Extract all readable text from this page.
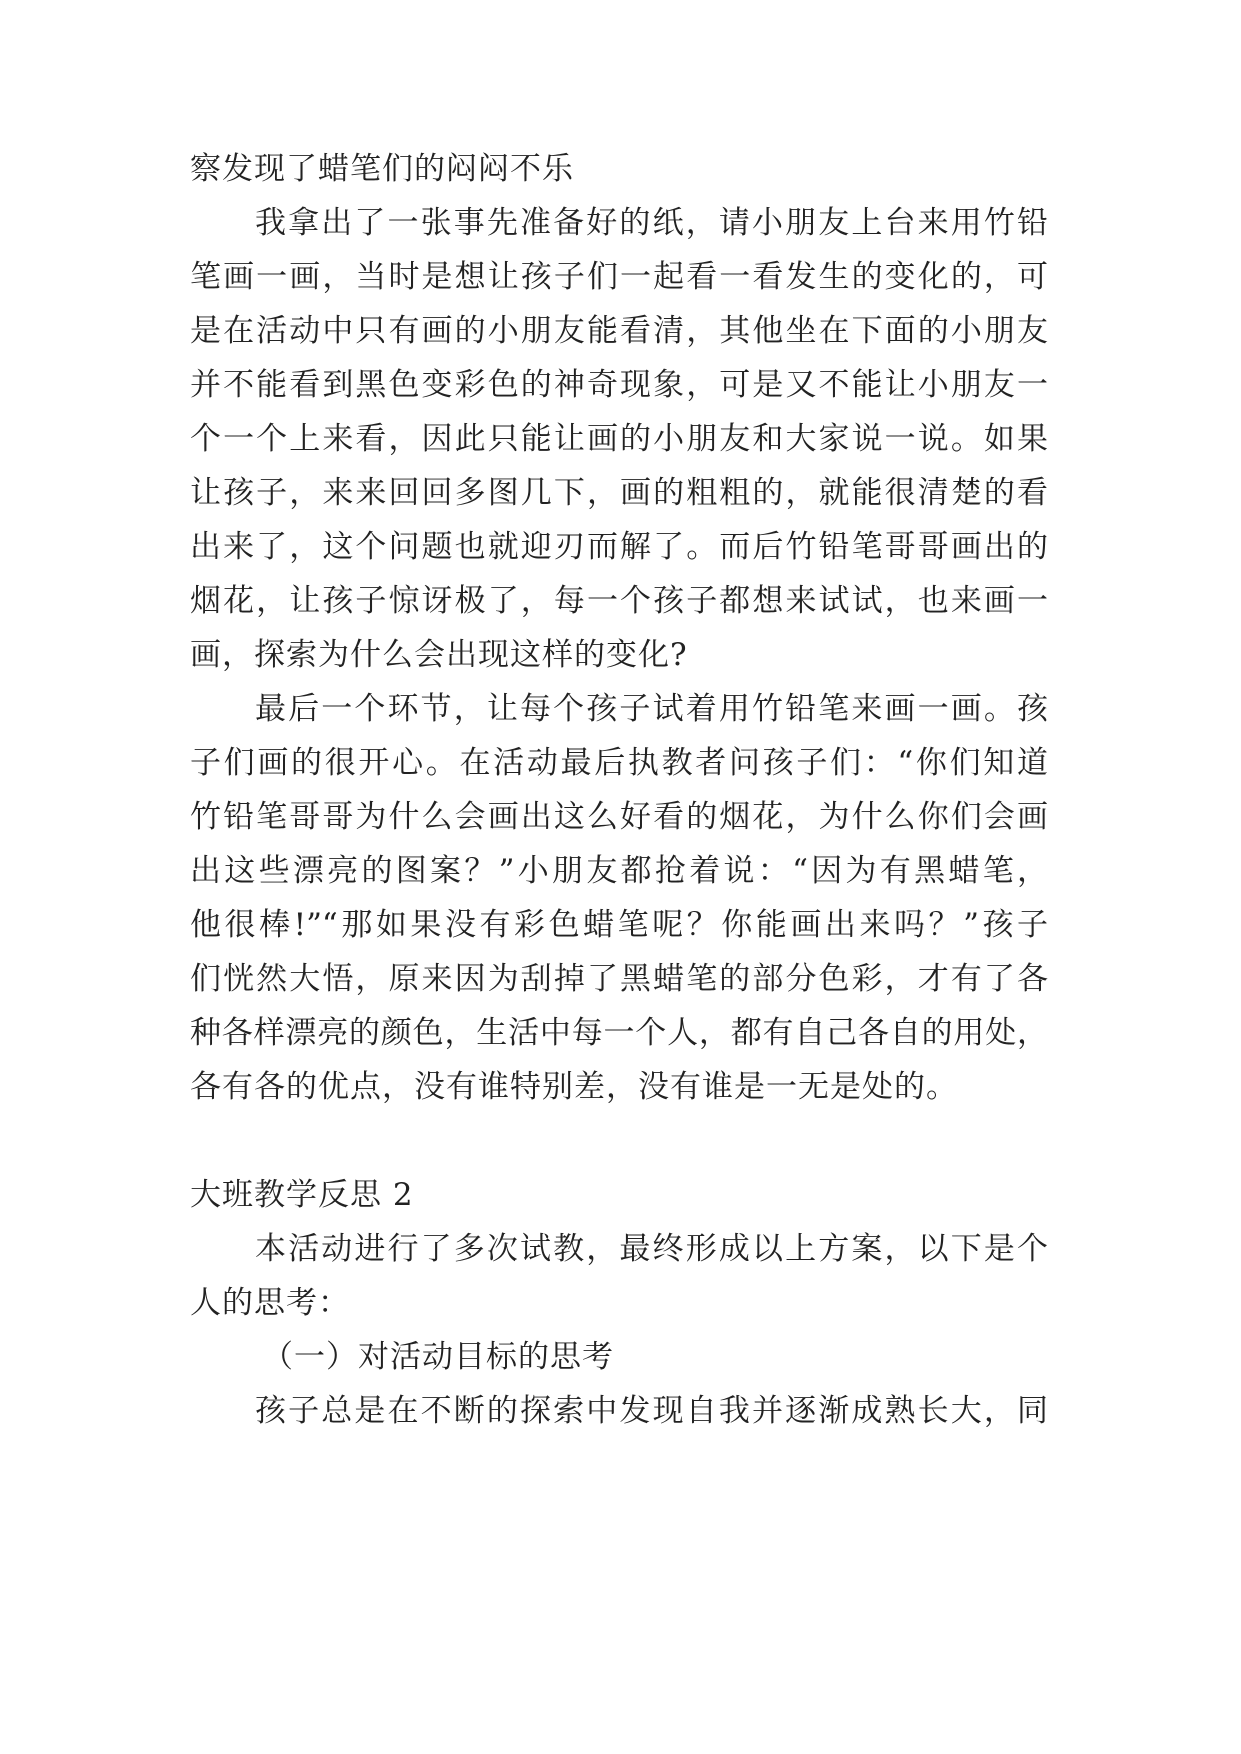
察发现了蜡笔们的闷闷不乐
我拿出了一张事先准备好的纸，请小朋友上台来用竹铅
笔画一画，当时是想让孩子们一起看一看发生的变化的，可
是在活动中只有画的小朋友能看清，其他坐在下面的小朋友
并不能看到黑色变彩色的神奇现象，可是又不能让小朋友一
个一个上来看，因此只能让画的小朋友和大家说一说。如果
让孩子，来来回回多图几下，画的粗粗的，就能很清楚的看
出来了，这个问题也就迎刃而解了。而后竹铅笔哥哥画出的
烟花，让孩子惊讶极了，每一个孩子都想来试试，也来画一
画，探索为什么会出现这样的变化?
最后一个环节，让每个孩子试着用竹铅笔来画一画。孩
子们画的很开心。在活动最后执教者问孩子们：“你们知道
竹铅笔哥哥为什么会画出这么好看的烟花，为什么你们会画
出这些漂亮的图案？”小朋友都抢着说：“因为有黑蜡笔，
他很棒!”“那如果没有彩色蜡笔呢？你能画出来吗？”孩子
们恍然大悟，原来因为刮掉了黑蜡笔的部分色彩，才有了各
种各样漂亮的颜色，生活中每一个人，都有自己各自的用处，
各有各的优点，没有谁特别差，没有谁是一无是处的。
大班教学反思 2
本活动进行了多次试教，最终形成以上方案，以下是个
人的思考：
（一）对活动目标的思考
孩子总是在不断的探索中发现自我并逐渐成熟长大，同
